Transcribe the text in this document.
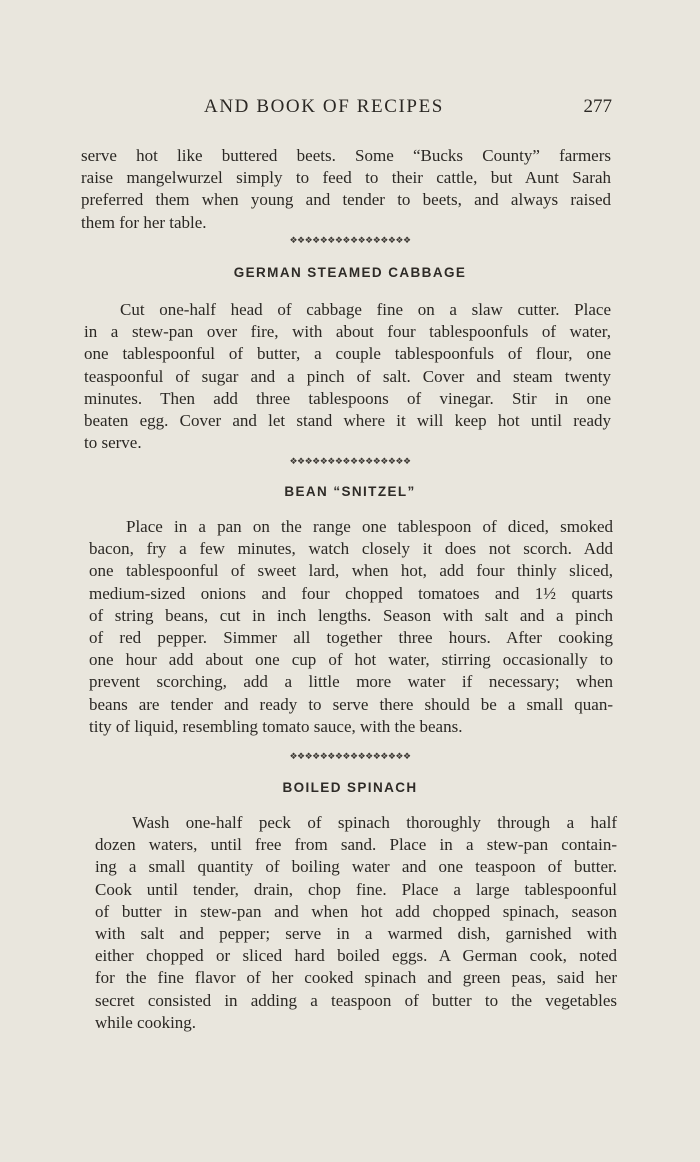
AND BOOK OF RECIPES	277

serve hot like buttered beets. Some “Bucks County” farmers
raise mangelwurzel simply to feed to their cattle, but Aunt Sarah
preferred them when young and tender to beets, and always raised
them for her table.

❖❖❖❖❖❖❖❖❖❖❖❖❖❖❖❖
GERMAN STEAMED CABBAGE

Cut one-half head of cabbage fine on a slaw cutter. Place
in a stew-pan over fire, with about four tablespoonfuls of water,
one tablespoonful of butter, a couple tablespoonfuls of flour, one
teaspoonful of sugar and a pinch of salt. Cover and steam twenty
minutes. Then add three tablespoons of vinegar. Stir in one
beaten egg. Cover and let stand where it will keep hot until ready
to serve.

❖❖❖❖❖❖❖❖❖❖❖❖❖❖❖❖
BEAN “SNITZEL”

Place in a pan on the range one tablespoon of diced, smoked
bacon, fry a few minutes, watch closely it does not scorch. Add
one tablespoonful of sweet lard, when hot, add four thinly sliced,
medium-sized onions and four chopped tomatoes and 1½ quarts
of string beans, cut in inch lengths. Season with salt and a pinch
of red pepper. Simmer all together three hours. After cooking
one hour add about one cup of hot water, stirring occasionally to
prevent scorching, add a little more water if necessary; when
beans are tender and ready to serve there should be a small quan-
tity of liquid, resembling tomato sauce, with the beans.

❖❖❖❖❖❖❖❖❖❖❖❖❖❖❖❖
BOILED SPINACH

Wash one-half peck of spinach thoroughly through a half
dozen waters, until free from sand. Place in a stew-pan contain-
ing a small quantity of boiling water and one teaspoon of butter.
Cook until tender, drain, chop fine. Place a large tablespoonful
of butter in stew-pan and when hot add chopped spinach, season
with salt and pepper; serve in a warmed dish, garnished with
either chopped or sliced hard boiled eggs. A German cook, noted
for the fine flavor of her cooked spinach and green peas, said her
secret consisted in adding a teaspoon of butter to the vegetables
while cooking.
